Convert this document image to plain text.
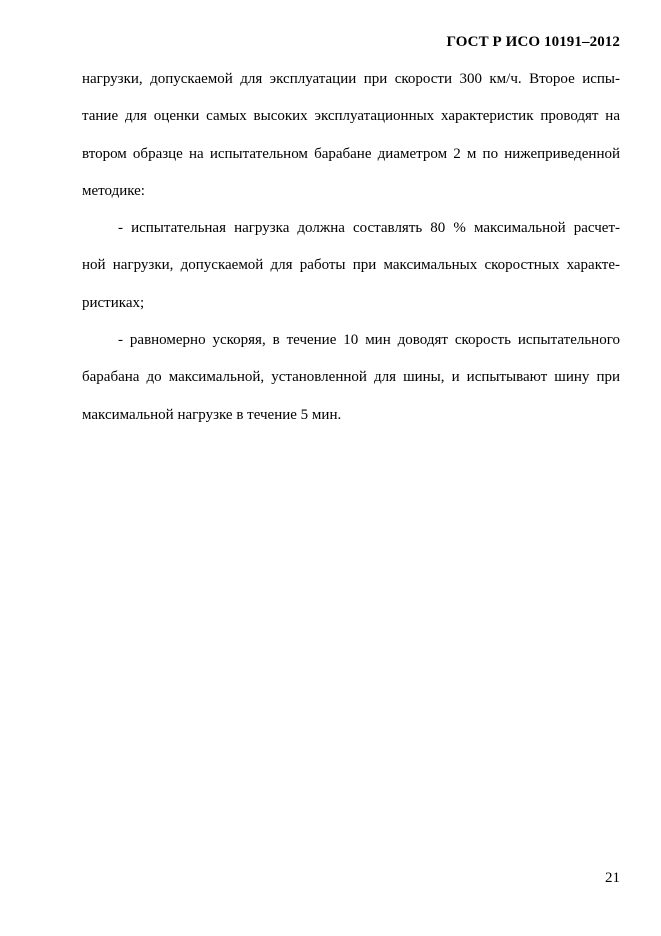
ГОСТ Р ИСО 10191–2012
нагрузки, допускаемой для эксплуатации при скорости 300 км/ч. Второе испы-
тание для оценки самых высоких эксплуатационных характеристик проводят на
втором образце на испытательном барабане диаметром 2 м по нижеприведенной
методике:
- испытательная нагрузка должна составлять 80 % максимальной расчет-
ной нагрузки, допускаемой для работы при максимальных скоростных характе-
ристиках;
- равномерно ускоряя, в течение 10 мин доводят скорость испытательного
барабана до максимальной, установленной для шины, и испытывают шину при
максимальной нагрузке в течение 5 мин.
21
